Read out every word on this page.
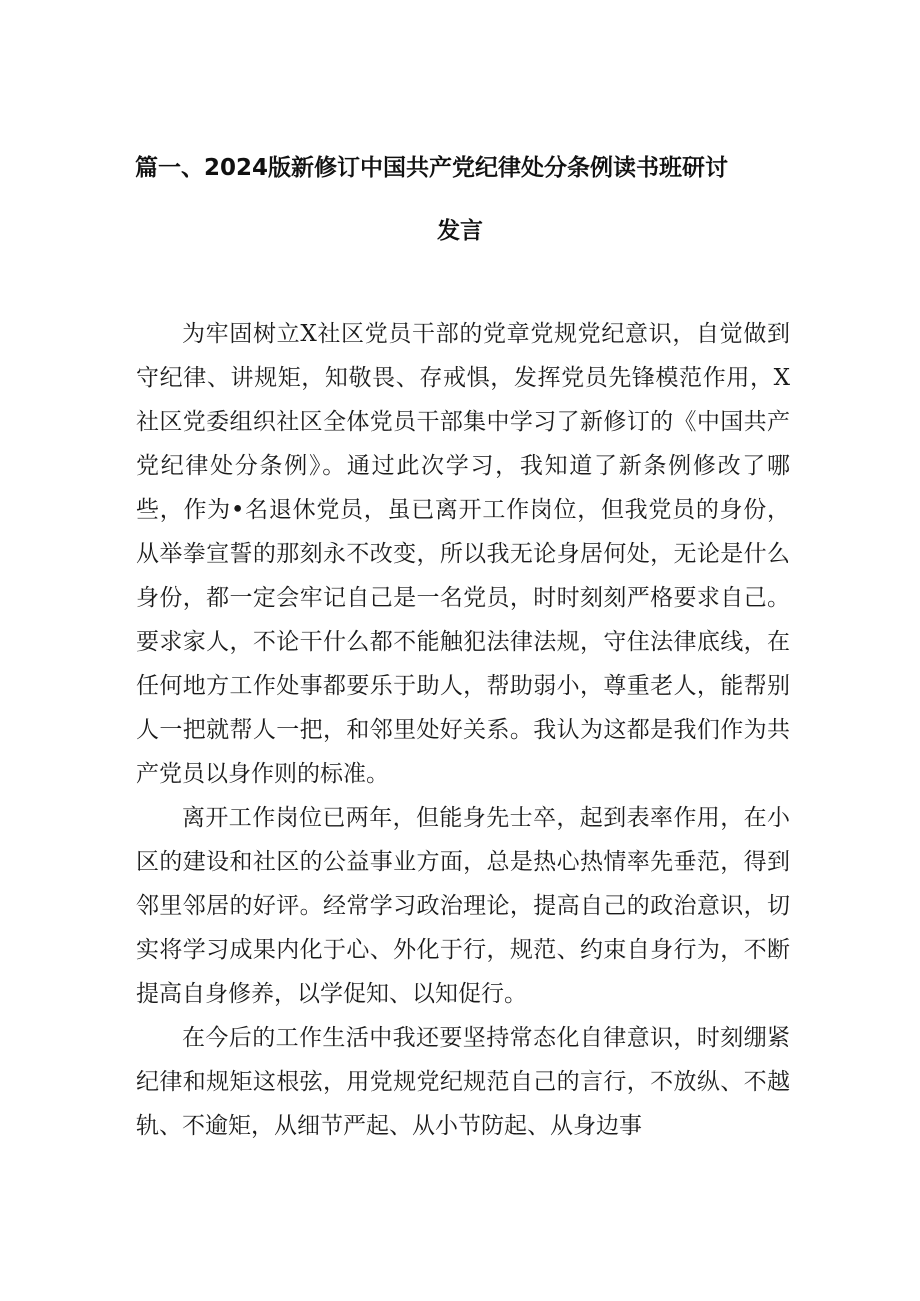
篇一、2024版新修订中国共产党纪律处分条例读书班研讨
发言

为牢固树立X社区党员干部的党章党规党纪意识，自觉做到守纪律、讲规矩，知敬畏、存戒惧，发挥党员先锋模范作用，X社区党委组织社区全体党员干部集中学习了新修订的《中国共产党纪律处分条例》。通过此次学习，我知道了新条例修改了哪些，作为•名退休党员，虽已离开工作岗位，但我党员的身份，从举拳宣誓的那刻永不改变，所以我无论身居何处，无论是什么身份，都一定会牢记自己是一名党员，时时刻刻严格要求自己。要求家人，不论干什么都不能触犯法律法规，守住法律底线，在任何地方工作处事都要乐于助人，帮助弱小，尊重老人，能帮别人一把就帮人一把，和邻里处好关系。我认为这都是我们作为共产党员以身作则的标准。

离开工作岗位已两年，但能身先士卒，起到表率作用，在小区的建设和社区的公益事业方面，总是热心热情率先垂范，得到邻里邻居的好评。经常学习政治理论，提高自己的政治意识，切实将学习成果内化于心、外化于行，规范、约束自身行为，不断提高自身修养，以学促知、以知促行。

在今后的工作生活中我还要坚持常态化自律意识，时刻绷紧纪律和规矩这根弦，用党规党纪规范自己的言行，不放纵、不越轨、不逾矩，从细节严起、从小节防起、从身边事
